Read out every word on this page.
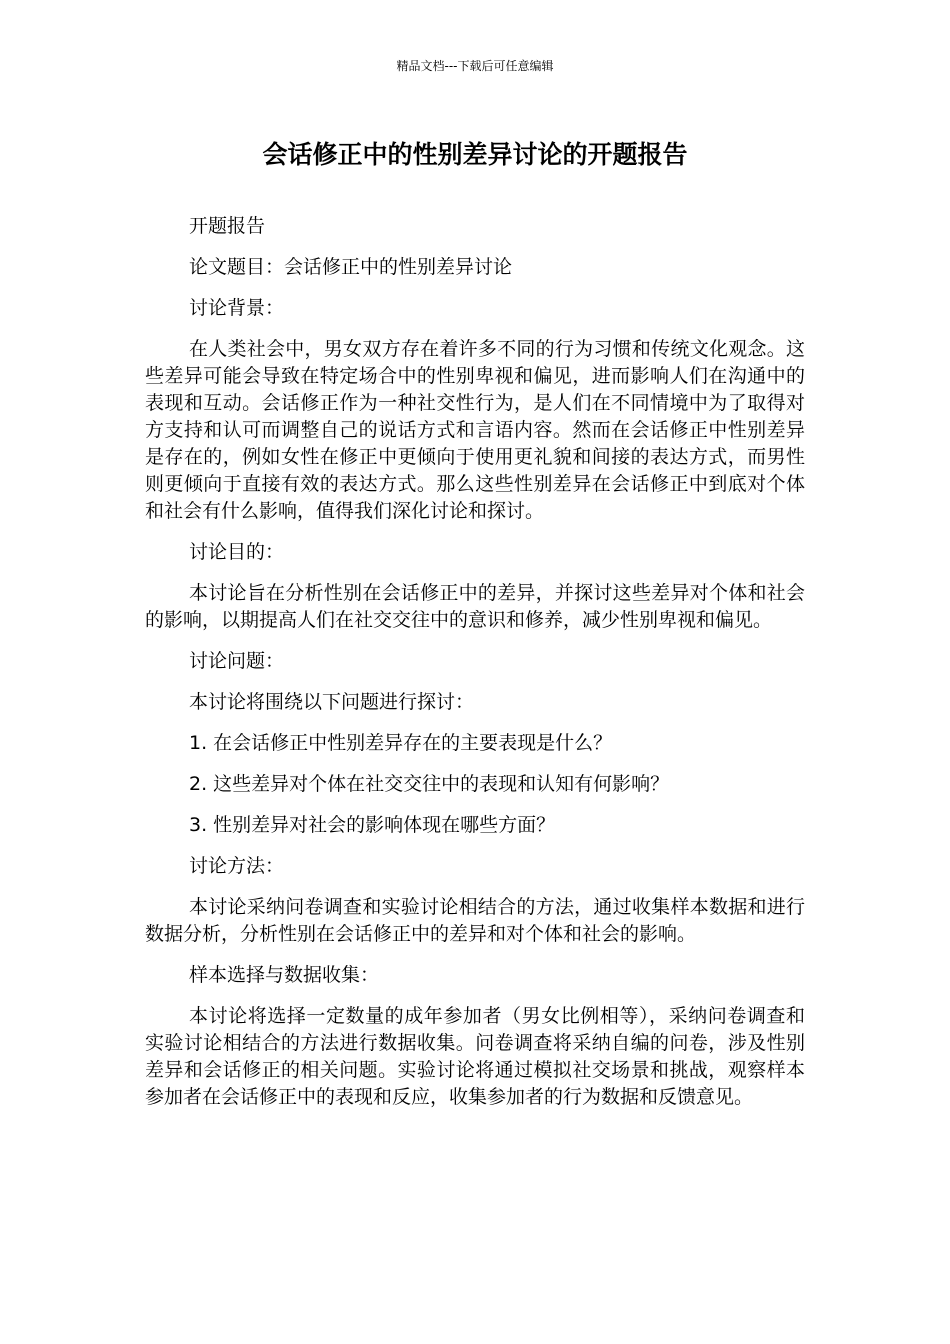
精品文档---下载后可任意编辑
会话修正中的性别差异讨论的开题报告

开题报告

论文题目：会话修正中的性别差异讨论

讨论背景：

在人类社会中，男女双方存在着许多不同的行为习惯和传统文化观念。这些差异可能会导致在特定场合中的性别卑视和偏见，进而影响人们在沟通中的表现和互动。会话修正作为一种社交性行为，是人们在不同情境中为了取得对方支持和认可而调整自己的说话方式和言语内容。然而在会话修正中性别差异是存在的，例如女性在修正中更倾向于使用更礼貌和间接的表达方式，而男性则更倾向于直接有效的表达方式。那么这些性别差异在会话修正中到底对个体和社会有什么影响，值得我们深化讨论和探讨。

讨论目的：

本讨论旨在分析性别在会话修正中的差异，并探讨这些差异对个体和社会的影响，以期提高人们在社交交往中的意识和修养，减少性别卑视和偏见。

讨论问题：

本讨论将围绕以下问题进行探讨：

1. 在会话修正中性别差异存在的主要表现是什么？

2. 这些差异对个体在社交交往中的表现和认知有何影响？

3. 性别差异对社会的影响体现在哪些方面？

讨论方法：

本讨论采纳问卷调查和实验讨论相结合的方法，通过收集样本数据和进行数据分析，分析性别在会话修正中的差异和对个体和社会的影响。

样本选择与数据收集：

本讨论将选择一定数量的成年参加者（男女比例相等），采纳问卷调查和实验讨论相结合的方法进行数据收集。问卷调查将采纳自编的问卷，涉及性别差异和会话修正的相关问题。实验讨论将通过模拟社交场景和挑战，观察样本参加者在会话修正中的表现和反应，收集参加者的行为数据和反馈意见。
